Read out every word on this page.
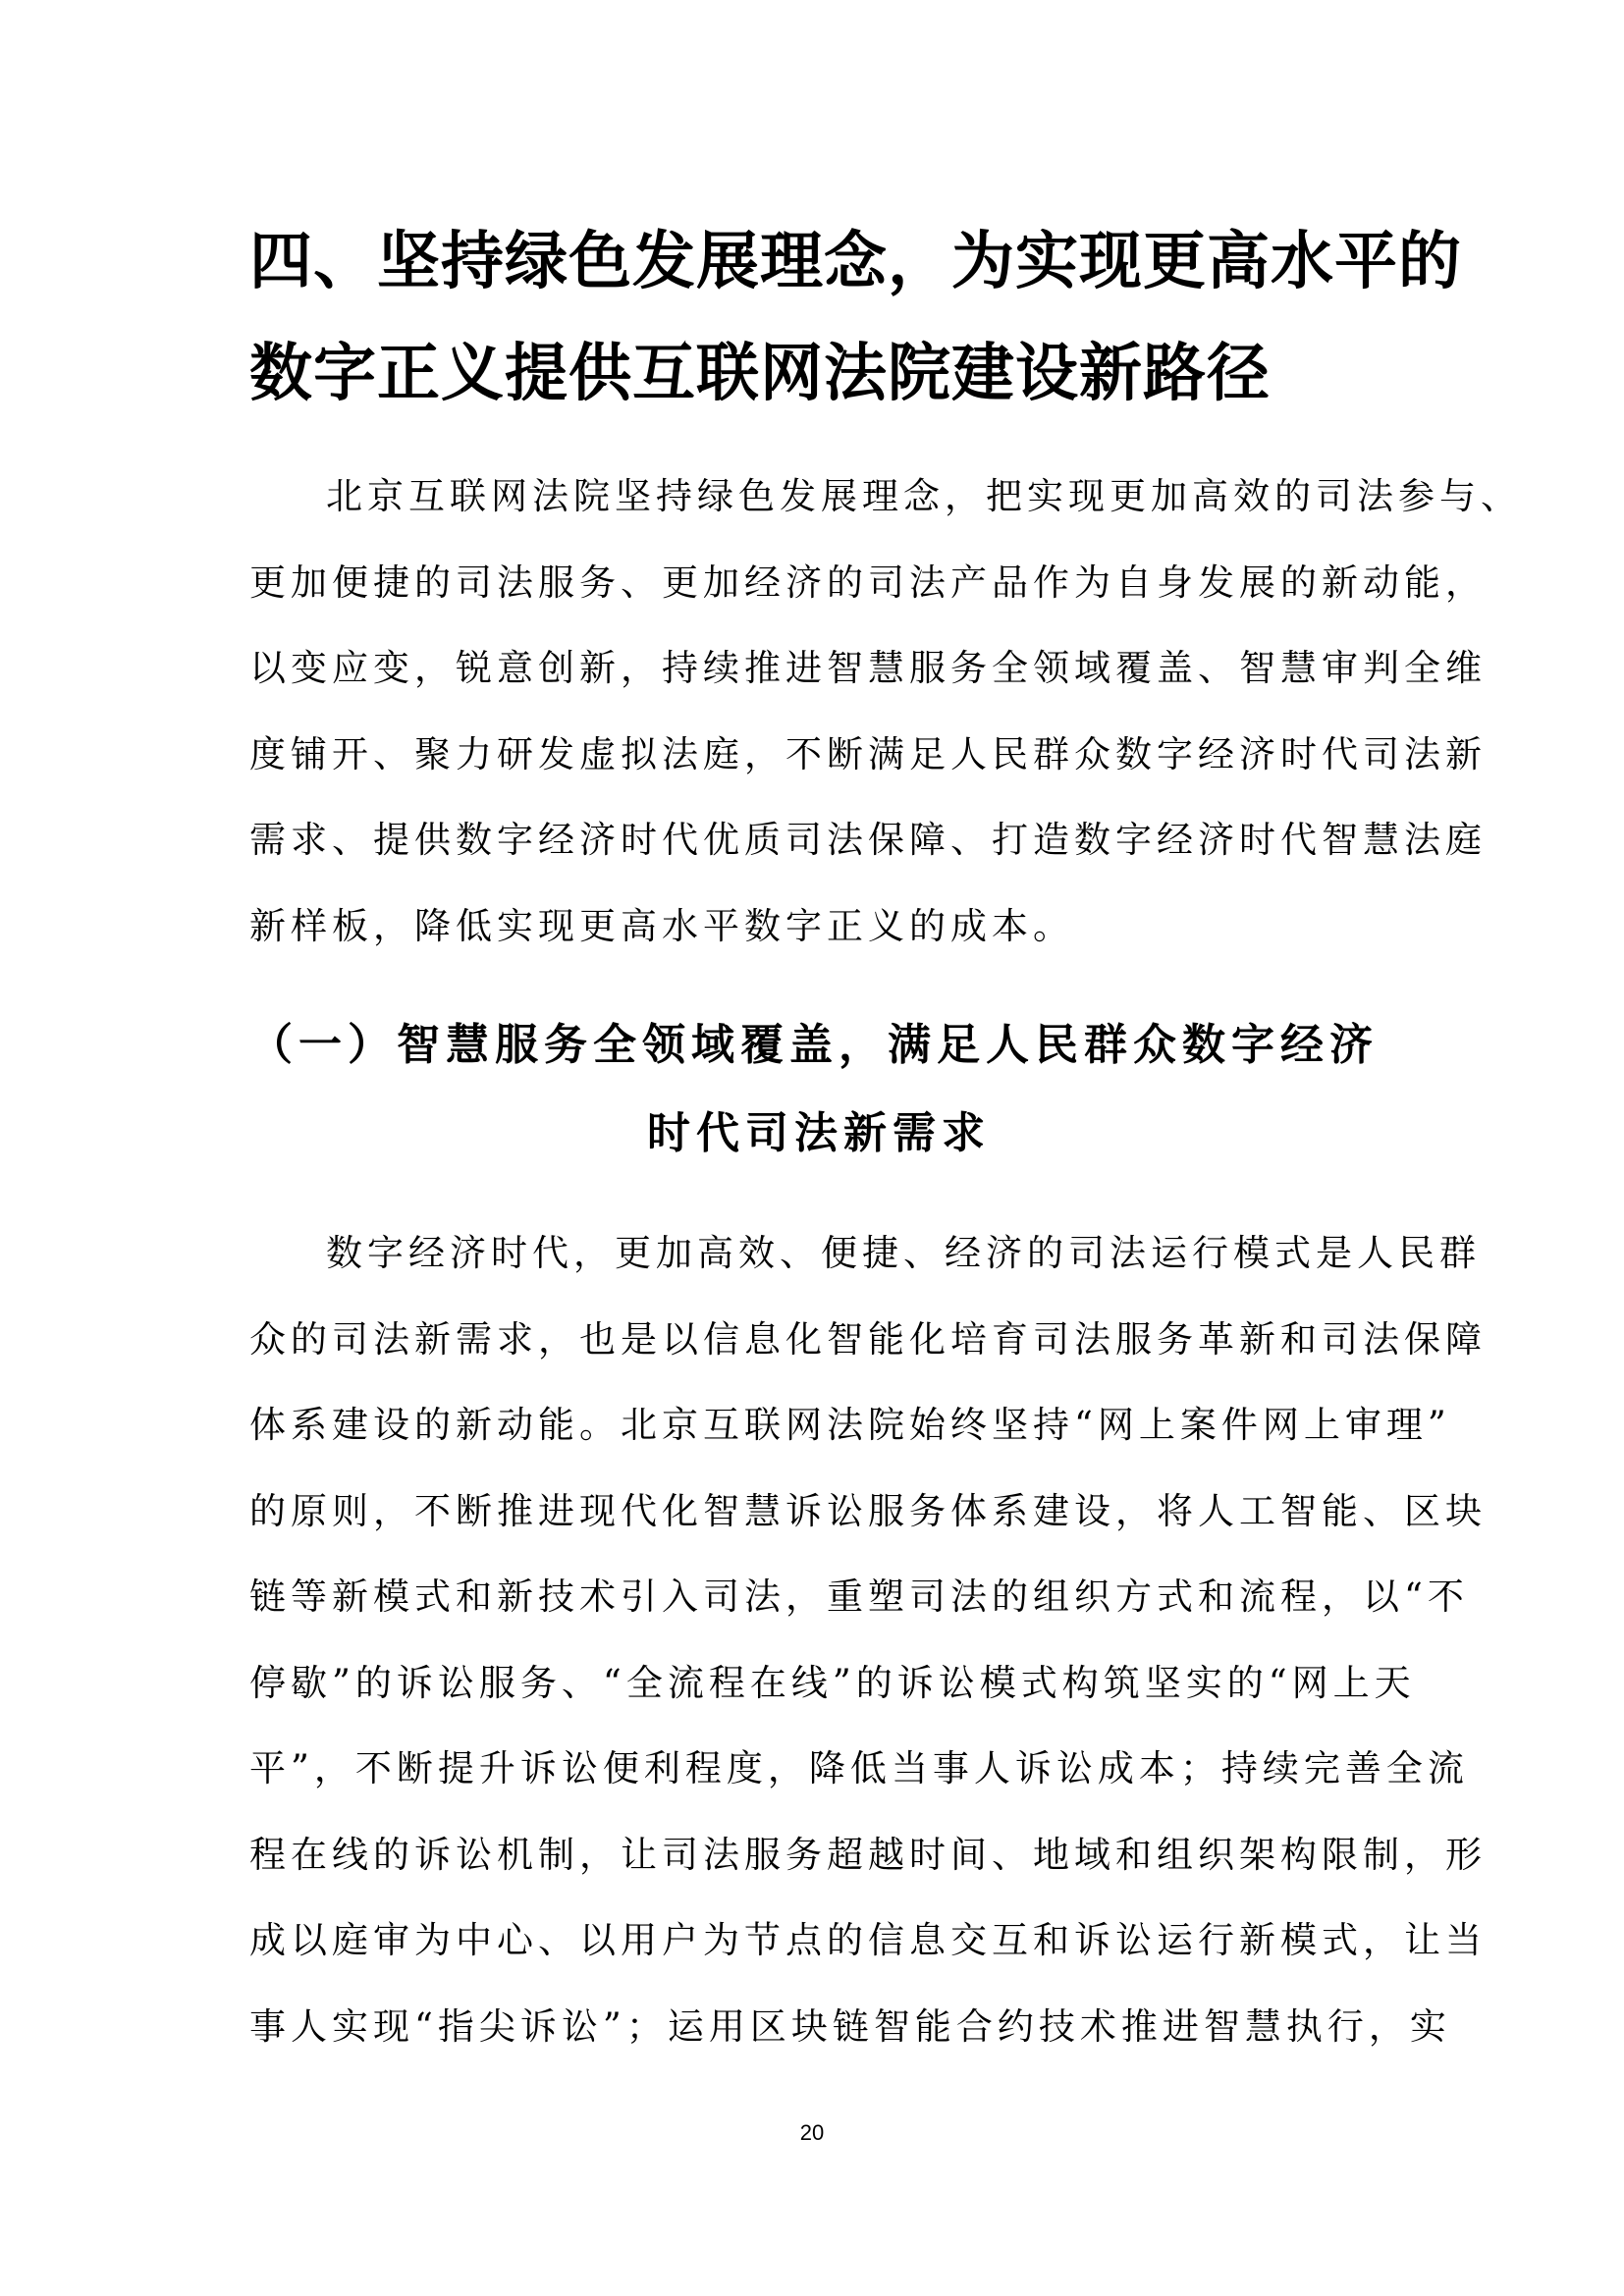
四、坚持绿色发展理念，为实现更高水平的
数字正义提供互联网法院建设新路径

北京互联网法院坚持绿色发展理念，把实现更加高效的司法参与、
更加便捷的司法服务、更加经济的司法产品作为自身发展的新动能，
以变应变，锐意创新，持续推进智慧服务全领域覆盖、智慧审判全维
度铺开、聚力研发虚拟法庭，不断满足人民群众数字经济时代司法新
需求、提供数字经济时代优质司法保障、打造数字经济时代智慧法庭
新样板，降低实现更高水平数字正义的成本。

（一）智慧服务全领域覆盖，满足人民群众数字经济
时代司法新需求

数字经济时代，更加高效、便捷、经济的司法运行模式是人民群
众的司法新需求，也是以信息化智能化培育司法服务革新和司法保障
体系建设的新动能。北京互联网法院始终坚持“网上案件网上审理”
的原则，不断推进现代化智慧诉讼服务体系建设，将人工智能、区块
链等新模式和新技术引入司法，重塑司法的组织方式和流程，以“不
停歇”的诉讼服务、“全流程在线”的诉讼模式构筑坚实的“网上天
平”，不断提升诉讼便利程度，降低当事人诉讼成本；持续完善全流
程在线的诉讼机制，让司法服务超越时间、地域和组织架构限制，形
成以庭审为中心、以用户为节点的信息交互和诉讼运行新模式，让当
事人实现“指尖诉讼”；运用区块链智能合约技术推进智慧执行，实

20
